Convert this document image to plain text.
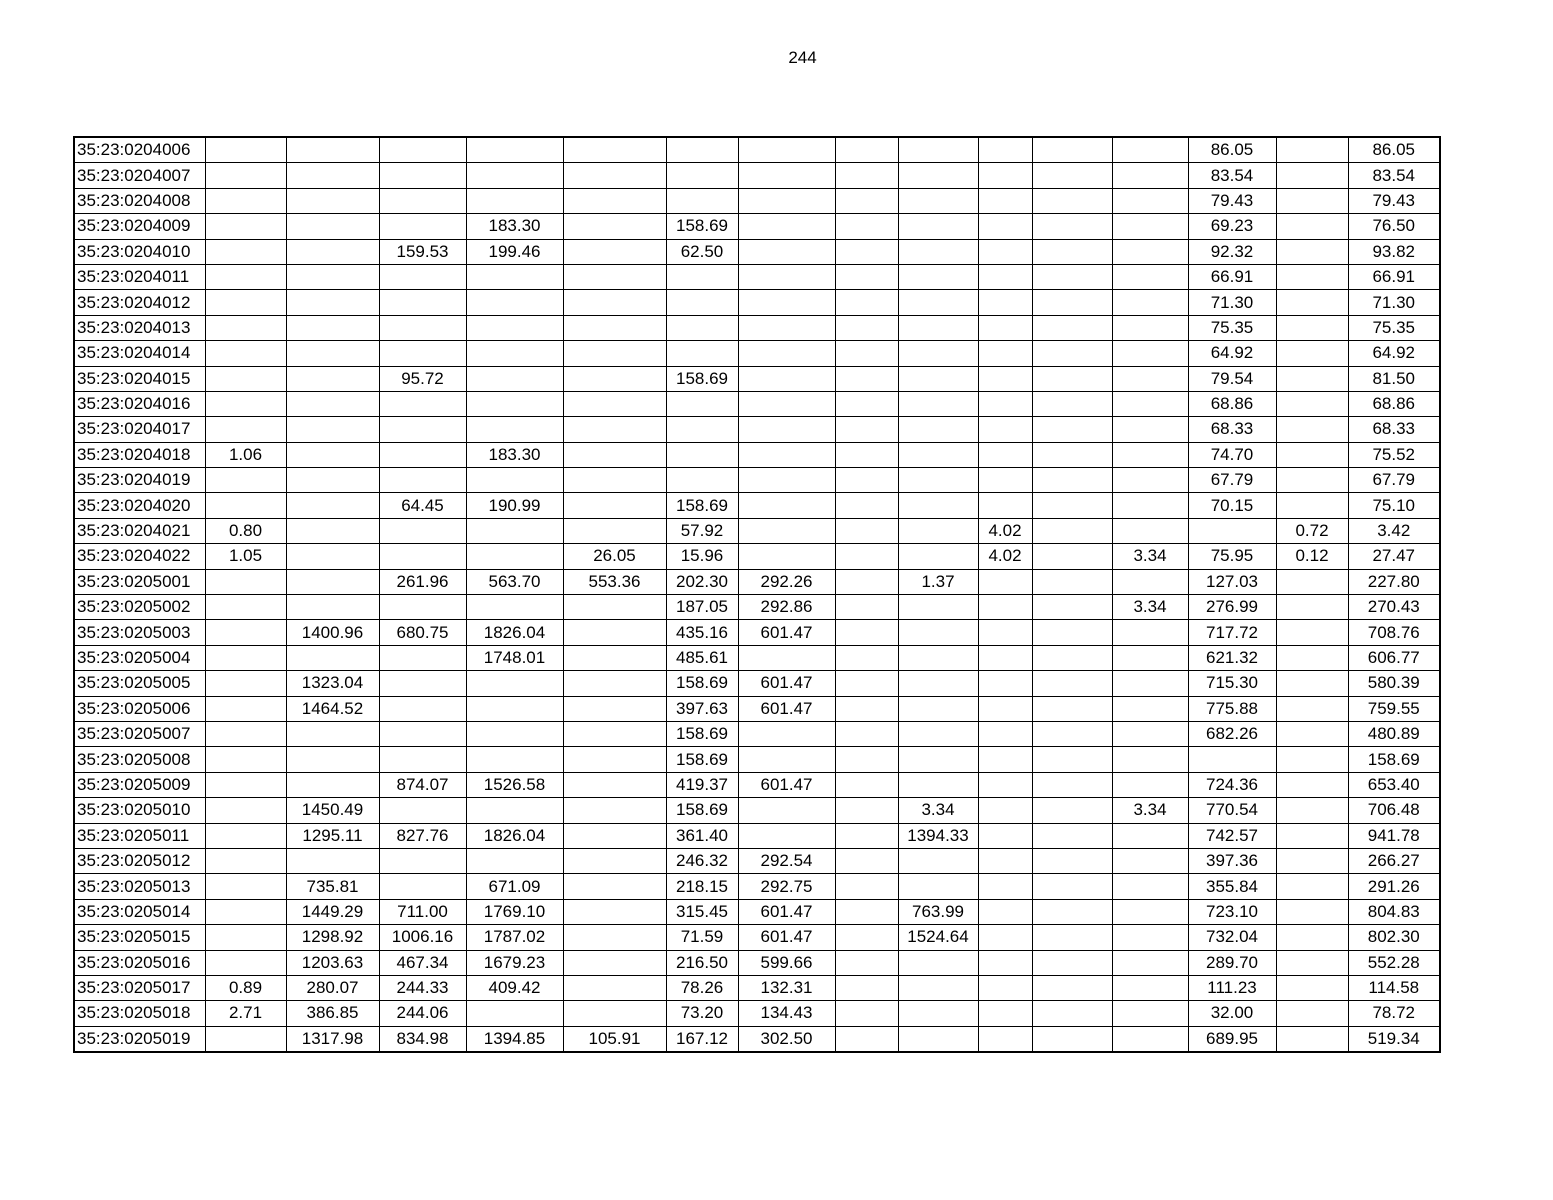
244
35:23:0204006													86.05		86.05
35:23:0204007													83.54		83.54
35:23:0204008													79.43		79.43
35:23:0204009				183.30		158.69							69.23		76.50
35:23:0204010			159.53	199.46		62.50							92.32		93.82
35:23:0204011													66.91		66.91
35:23:0204012													71.30		71.30
35:23:0204013													75.35		75.35
35:23:0204014													64.92		64.92
35:23:0204015			95.72			158.69							79.54		81.50
35:23:0204016													68.86		68.86
35:23:0204017													68.33		68.33
35:23:0204018	1.06			183.30									74.70		75.52
35:23:0204019													67.79		67.79
35:23:0204020			64.45	190.99		158.69							70.15		75.10
35:23:0204021	0.80					57.92				4.02				0.72	3.42
35:23:0204022	1.05				26.05	15.96				4.02		3.34	75.95	0.12	27.47
35:23:0205001			261.96	563.70	553.36	202.30	292.26		1.37				127.03		227.80
35:23:0205002						187.05	292.86					3.34	276.99		270.43
35:23:0205003		1400.96	680.75	1826.04		435.16	601.47						717.72		708.76
35:23:0205004				1748.01		485.61							621.32		606.77
35:23:0205005		1323.04				158.69	601.47						715.30		580.39
35:23:0205006		1464.52				397.63	601.47						775.88		759.55
35:23:0205007						158.69							682.26		480.89
35:23:0205008						158.69									158.69
35:23:0205009			874.07	1526.58		419.37	601.47						724.36		653.40
35:23:0205010		1450.49				158.69			3.34			3.34	770.54		706.48
35:23:0205011		1295.11	827.76	1826.04		361.40			1394.33				742.57		941.78
35:23:0205012						246.32	292.54						397.36		266.27
35:23:0205013		735.81		671.09		218.15	292.75						355.84		291.26
35:23:0205014		1449.29	711.00	1769.10		315.45	601.47		763.99				723.10		804.83
35:23:0205015		1298.92	1006.16	1787.02		71.59	601.47		1524.64				732.04		802.30
35:23:0205016		1203.63	467.34	1679.23		216.50	599.66						289.70		552.28
35:23:0205017	0.89	280.07	244.33	409.42		78.26	132.31						111.23		114.58
35:23:0205018	2.71	386.85	244.06			73.20	134.43						32.00		78.72
35:23:0205019		1317.98	834.98	1394.85	105.91	167.12	302.50						689.95		519.34
